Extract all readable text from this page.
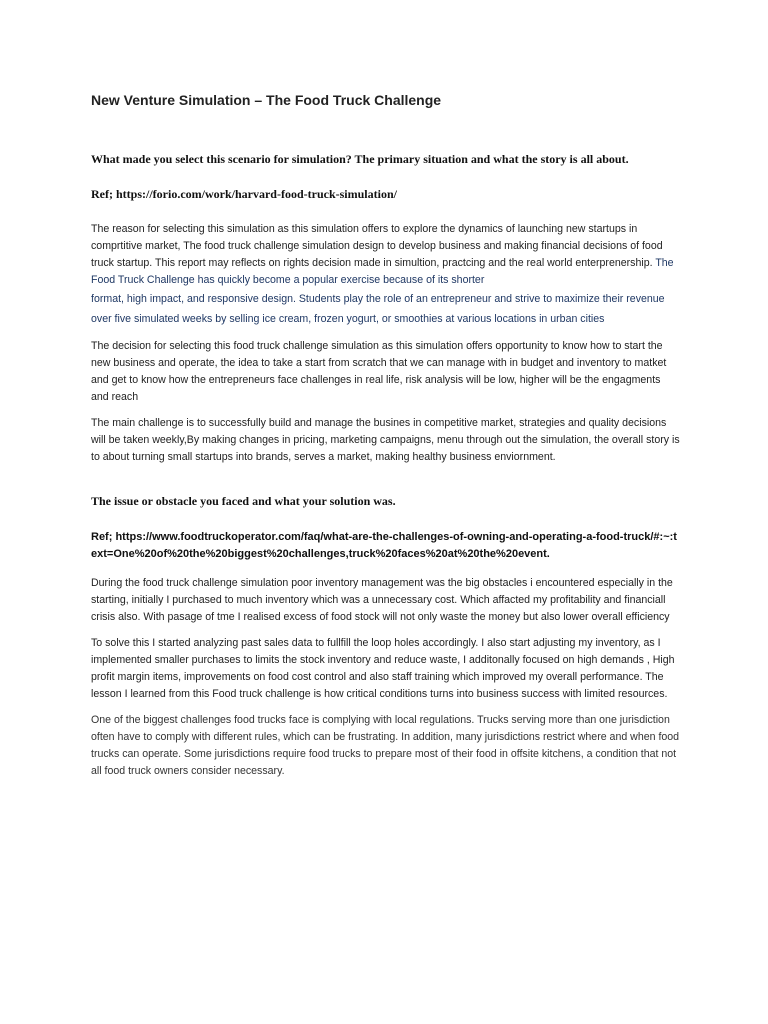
New Venture Simulation – The Food Truck Challenge
What made you select this scenario for simulation? The primary situation and what the story is all about.
Ref; https://forio.com/work/harvard-food-truck-simulation/
The reason for selecting this simulation as this simulation offers to explore the dynamics of launching new startups in comprtitive market, The food truck challenge simulation design to develop business and making financial decisions of food truck startup. This report may reflects on rights decision made in simultion, practcing and the real world enterprenership. The Food Truck Challenge has quickly become a popular exercise because of its shorter
format, high impact, and responsive design. Students play the role of an entrepreneur and strive to maximize their revenue over five simulated weeks by selling ice cream, frozen yogurt, or smoothies at various locations in urban cities
The decision for selecting this food truck challenge simulation as this simulation offers opportunity to know how to start the new business and operate, the idea to take a start from scratch that we can manage with in budget and inventory to matket and get to know how the entrepreneurs face challenges in real life, risk analysis will be low, higher will be the engagments and reach
The main challenge is to successfully build and manage the busines in competitive market, strategies and quality decisions will be taken weekly,By making changes in pricing, marketing campaigns, menu through out the simulation, the overall story is to about turning small startups into brands, serves a market, making healthy business enviornment.
The issue or obstacle you faced and what your solution was.
Ref; https://www.foodtruckoperator.com/faq/what-are-the-challenges-of-owning-and-operating-a-food-truck/#:~:text=One%20of%20the%20biggest%20challenges,truck%20faces%20at%20the%20event.
During the food truck challenge simulation poor inventory management was the big obstacles i encountered especially in the starting, initially I purchased to much inventory which was a unnecessary cost. Which affacted my profitability and financiall crisis also. With pasage of tme I realised excess of food stock will not only waste the money but also lower overall efficiency
To solve this I started analyzing past sales data to fullfill the loop holes accordingly. I also start adjusting my inventory, as I implemented smaller purchases to limits the stock inventory and reduce waste, I additonally focused on high demands , High profit margin items, improvements on food cost control and also staff training which improved my overall performance. The lesson I learned from this Food truck challenge is how critical conditions turns into business success with limited resources.
One of the biggest challenges food trucks face is complying with local regulations. Trucks serving more than one jurisdiction often have to comply with different rules, which can be frustrating. In addition, many jurisdictions restrict where and when food trucks can operate. Some jurisdictions require food trucks to prepare most of their food in offsite kitchens, a condition that not all food truck owners consider necessary.
